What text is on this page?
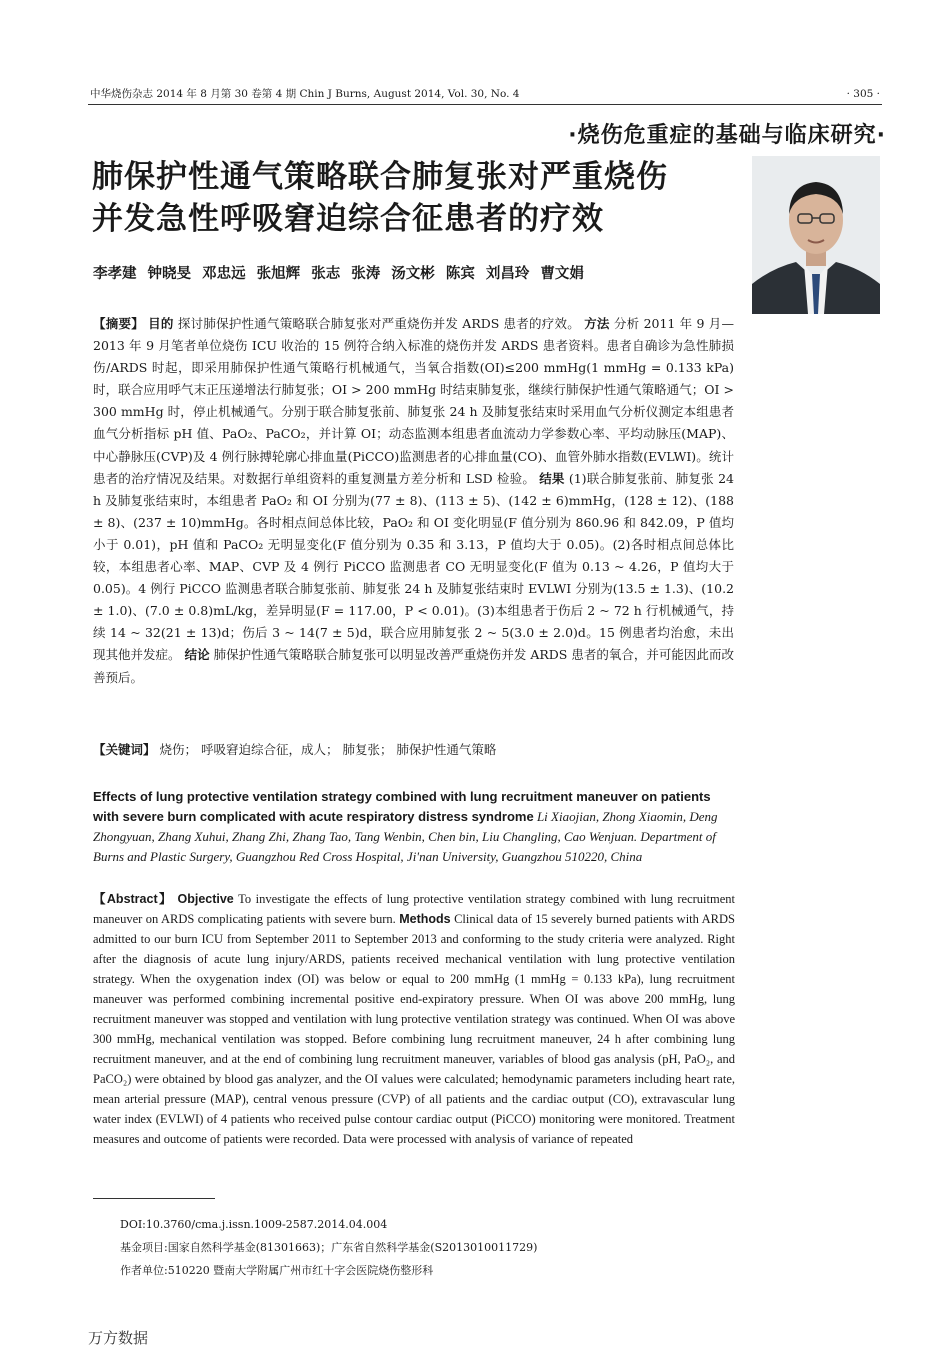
中华烧伤杂志 2014 年 8 月第 30 卷第 4 期 Chin J Burns, August 2014, Vol. 30, No. 4	· 305 ·
·烧伤危重症的基础与临床研究·
肺保护性通气策略联合肺复张对严重烧伤
并发急性呼吸窘迫综合征患者的疗效
李孝建 钟晓旻 邓忠远 张旭辉 张志 张涛 汤文彬 陈宾 刘昌玲 曹文娟
【摘要】 目的 探讨肺保护性通气策略联合肺复张对严重烧伤并发 ARDS 患者的疗效。 方法 分析 2011 年 9 月—2013 年 9 月笔者单位烧伤 ICU 收治的 15 例符合纳入标准的烧伤并发 ARDS 患者资料。患者自确诊为急性肺损伤/ARDS 时起，即采用肺保护性通气策略行机械通气，当氧合指数(OI)≤200 mmHg(1 mmHg = 0.133 kPa)时，联合应用呼气末正压递增法行肺复张；OI > 200 mmHg 时结束肺复张，继续行肺保护性通气策略通气；OI > 300 mmHg 时，停止机械通气。分别于联合肺复张前、肺复张 24 h 及肺复张结束时采用血气分析仪测定本组患者血气分析指标 pH 值、PaO₂、PaCO₂，并计算 OI；动态监测本组患者血流动力学参数心率、平均动脉压(MAP)、中心静脉压(CVP)及 4 例行脉搏轮廓心排血量(PiCCO)监测患者的心排血量(CO)、血管外肺水指数(EVLWI)。统计患者的治疗情况及结果。对数据行单组资料的重复测量方差分析和 LSD 检验。 结果 (1)联合肺复张前、肺复张 24 h 及肺复张结束时，本组患者 PaO₂ 和 OI 分别为(77 ± 8)、(113 ± 5)、(142 ± 6)mmHg，(128 ± 12)、(188 ± 8)、(237 ± 10)mmHg。各时相点间总体比较，PaO₂ 和 OI 变化明显(F 值分别为 860.96 和 842.09，P 值均小于 0.01)，pH 值和 PaCO₂ 无明显变化(F 值分别为 0.35 和 3.13，P 值均大于 0.05)。(2)各时相点间总体比较，本组患者心率、MAP、CVP 及 4 例行 PiCCO 监测患者 CO 无明显变化(F 值为 0.13 ~ 4.26，P 值均大于 0.05)。4 例行 PiCCO 监测患者联合肺复张前、肺复张 24 h 及肺复张结束时 EVLWI 分别为(13.5 ± 1.3)、(10.2 ± 1.0)、(7.0 ± 0.8)mL/kg，差异明显(F = 117.00，P < 0.01)。(3)本组患者于伤后 2 ~ 72 h 行机械通气，持续 14 ~ 32(21 ± 13)d；伤后 3 ~ 14(7 ± 5)d，联合应用肺复张 2 ~ 5(3.0 ± 2.0)d。15 例患者均治愈，未出现其他并发症。 结论 肺保护性通气策略联合肺复张可以明显改善严重烧伤并发 ARDS 患者的氧合，并可能因此而改善预后。
【关键词】 烧伤； 呼吸窘迫综合征，成人； 肺复张； 肺保护性通气策略
Effects of lung protective ventilation strategy combined with lung recruitment maneuver on patients with severe burn complicated with acute respiratory distress syndrome Li Xiaojian, Zhong Xiaomin, Deng Zhongyuan, Zhang Xuhui, Zhang Zhi, Zhang Tao, Tang Wenbin, Chen bin, Liu Changling, Cao Wenjuan. Department of Burns and Plastic Surgery, Guangzhou Red Cross Hospital, Ji'nan University, Guangzhou 510220, China
【Abstract】 Objective To investigate the effects of lung protective ventilation strategy combined with lung recruitment maneuver on ARDS complicating patients with severe burn. Methods Clinical data of 15 severely burned patients with ARDS admitted to our burn ICU from September 2011 to September 2013 and conforming to the study criteria were analyzed. Right after the diagnosis of acute lung injury/ARDS, patients received mechanical ventilation with lung protective ventilation strategy. When the oxygenation index (OI) was below or equal to 200 mmHg (1 mmHg = 0.133 kPa), lung recruitment maneuver was performed combining incremental positive end-expiratory pressure. When OI was above 200 mmHg, lung recruitment maneuver was stopped and ventilation with lung protective ventilation strategy was continued. When OI was above 300 mmHg, mechanical ventilation was stopped. Before combining lung recruitment maneuver, 24 h after combining lung recruitment maneuver, and at the end of combining lung recruitment maneuver, variables of blood gas analysis (pH, PaO₂, and PaCO₂) were obtained by blood gas analyzer, and the OI values were calculated; hemodynamic parameters including heart rate, mean arterial pressure (MAP), central venous pressure (CVP) of all patients and the cardiac output (CO), extravascular lung water index (EVLWI) of 4 patients who received pulse contour cardiac output (PiCCO) monitoring were monitored. Treatment measures and outcome of patients were recorded. Data were processed with analysis of variance of repeated
DOI:10.3760/cma.j.issn.1009-2587.2014.04.004
基金项目:国家自然科学基金(81301663)；广东省自然科学基金(S2013010011729)
作者单位:510220 暨南大学附属广州市红十字会医院烧伤整形科
万方数据
